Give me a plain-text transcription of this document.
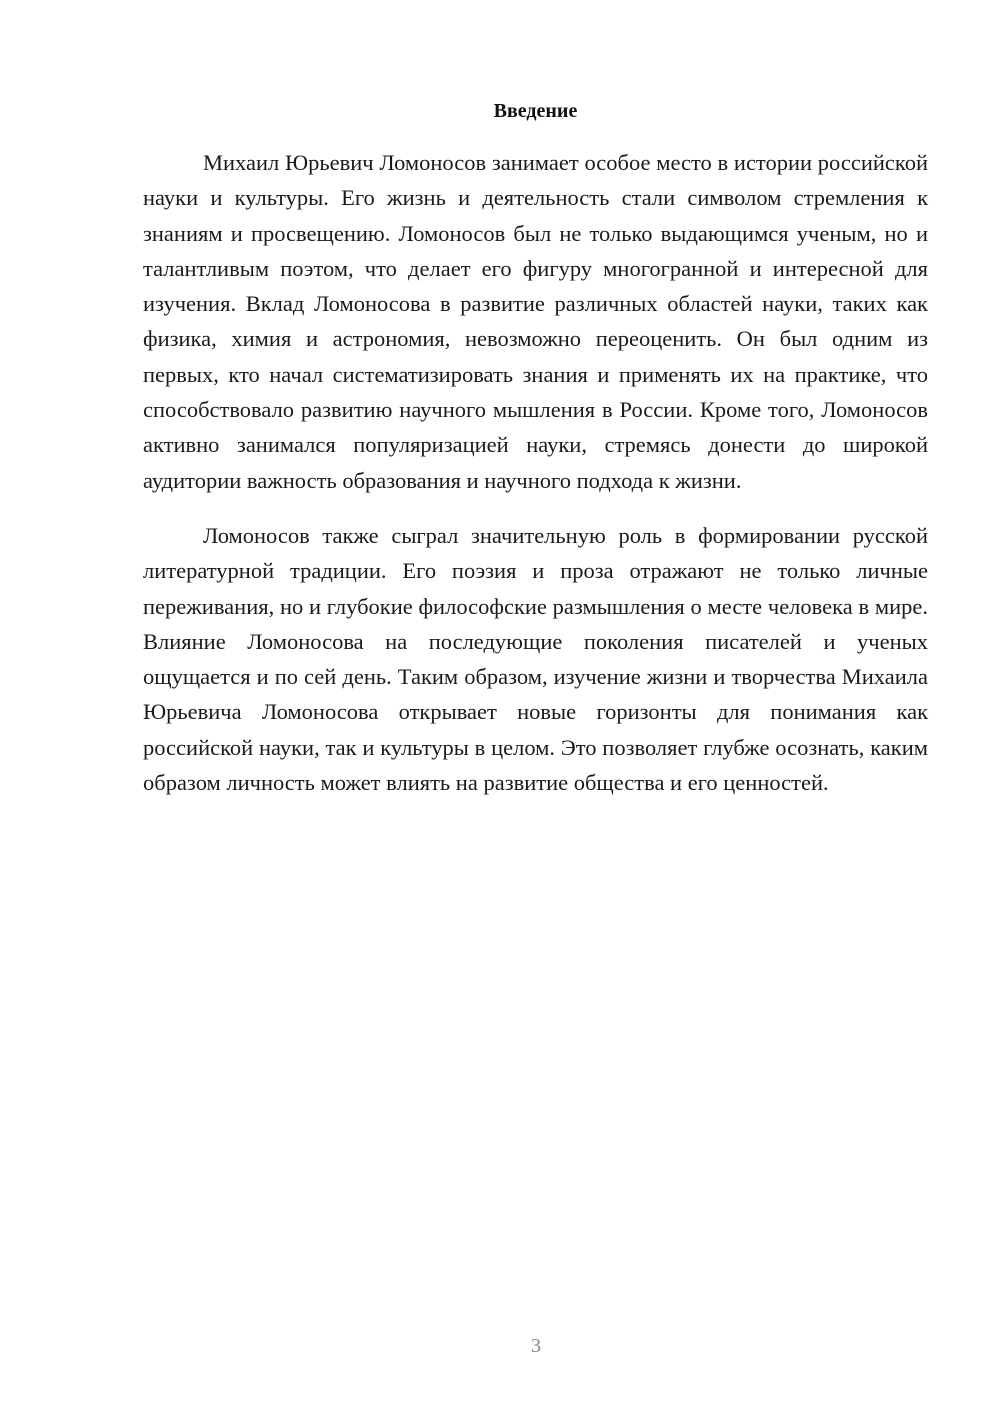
Введение

Михаил Юрьевич Ломоносов занимает особое место в истории российской науки и культуры. Его жизнь и деятельность стали символом стремления к знаниям и просвещению. Ломоносов был не только выдающимся ученым, но и талантливым поэтом, что делает его фигуру многогранной и интересной для изучения. Вклад Ломоносова в развитие различных областей науки, таких как физика, химия и астрономия, невозможно переоценить. Он был одним из первых, кто начал систематизировать знания и применять их на практике, что способствовало развитию научного мышления в России. Кроме того, Ломоносов активно занимался популяризацией науки, стремясь донести до широкой аудитории важность образования и научного подхода к жизни.

Ломоносов также сыграл значительную роль в формировании русской литературной традиции. Его поэзия и проза отражают не только личные переживания, но и глубокие философские размышления о месте человека в мире. Влияние Ломоносова на последующие поколения писателей и ученых ощущается и по сей день. Таким образом, изучение жизни и творчества Михаила Юрьевича Ломоносова открывает новые горизонты для понимания как российской науки, так и культуры в целом. Это позволяет глубже осознать, каким образом личность может влиять на развитие общества и его ценностей.

3
